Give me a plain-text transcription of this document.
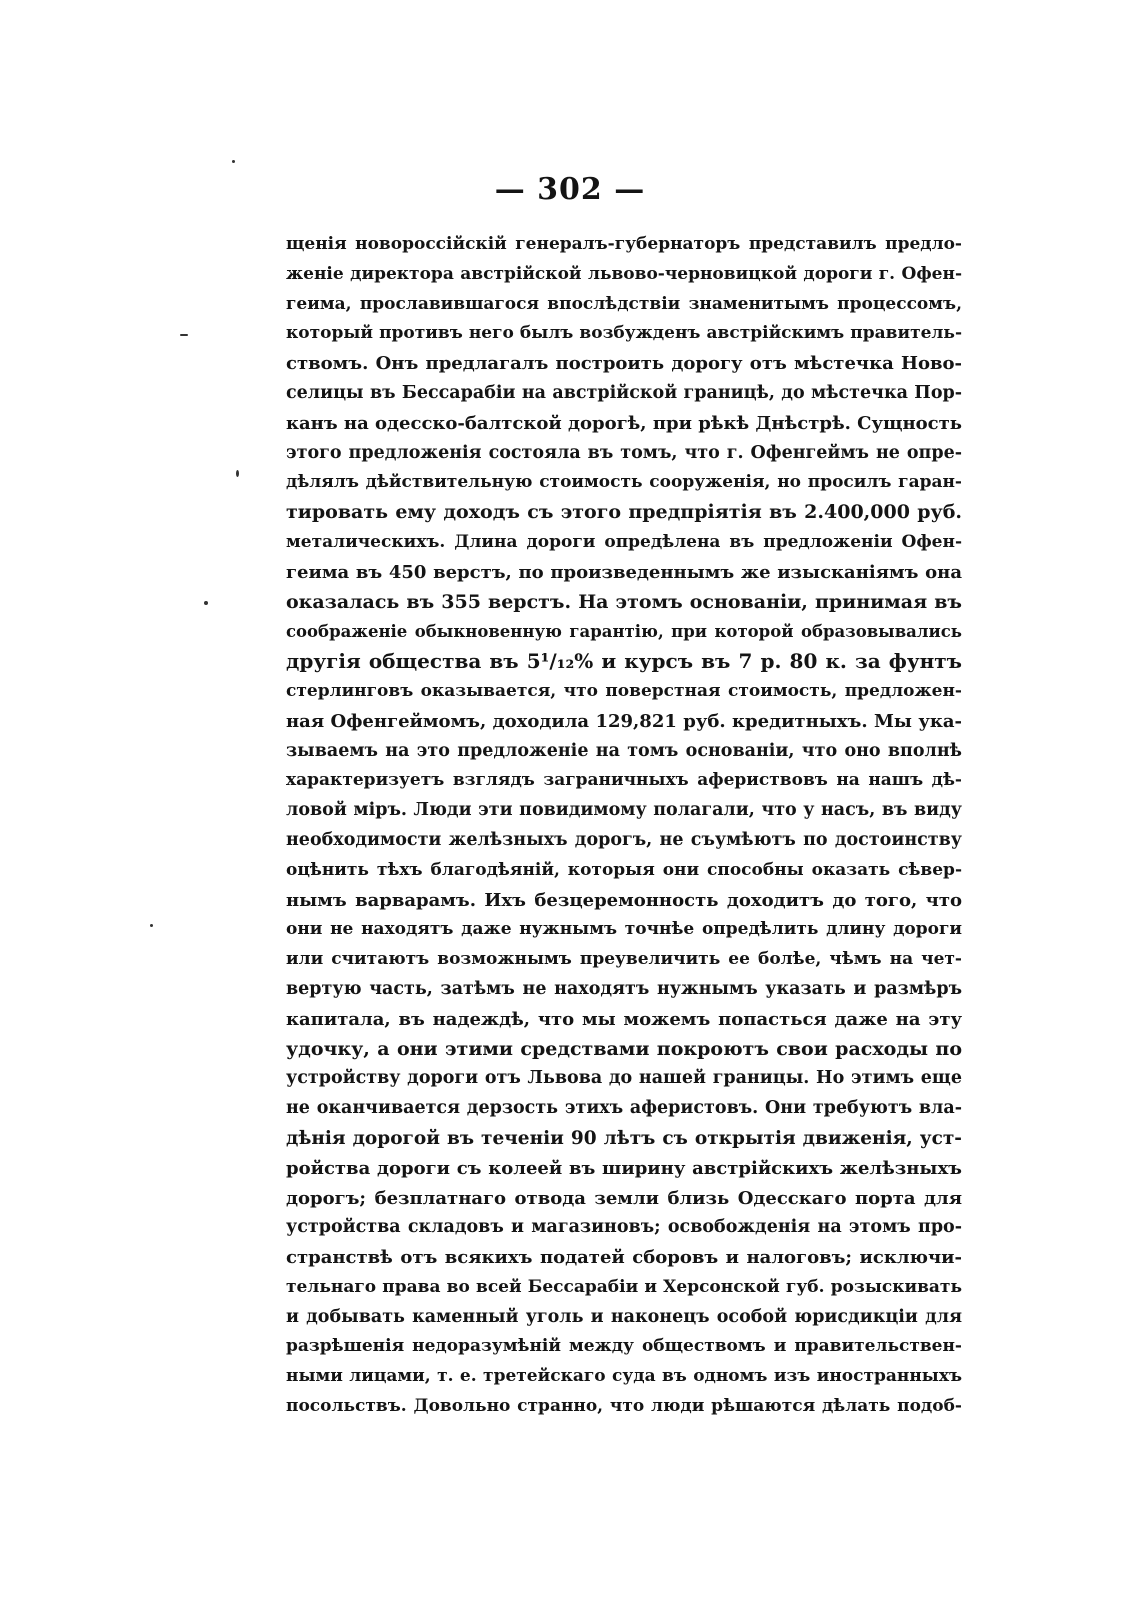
— 302 —
щенія новороссійскій генералъ-губернаторъ представилъ предло-
женіе директора австрійской львово-черновицкой дороги г. Офен-
геима, прославившагося впослѣдствіи знаменитымъ процессомъ,
который противъ него былъ возбужденъ австрійскимъ правитель-
ствомъ. Онъ предлагалъ построить дорогу отъ мѣстечка Ново-
селицы въ Бессарабіи на австрійской границѣ, до мѣстечка Пор-
канъ на одесско-балтской дорогѣ, при рѣкѣ Днѣстрѣ. Сущность
этого предложенія состояла въ томъ, что г. Офенгеймъ не опре-
дѣлялъ дѣйствительную стоимость сооруженія, но просилъ гаран-
тировать ему доходъ съ этого предпріятія въ 2.400,000 руб.
металическихъ. Длина дороги опредѣлена въ предложеніи Офен-
геима въ 450 верстъ, по произведеннымъ же изысканіямъ она
оказалась въ 355 верстъ. На этомъ основаніи, принимая въ
соображеніе обыкновенную гарантію, при которой образовывались
другія общества въ 5¹/₁₂% и курсъ въ 7 р. 80 к. за фунтъ
стерлинговъ оказывается, что поверстная стоимость, предложен-
ная Офенгеймомъ, доходила 129,821 руб. кредитныхъ. Мы ука-
зываемъ на это предложеніе на томъ основаніи, что оно вполнѣ
характеризуетъ взглядъ заграничныхъ афериствовъ на нашъ дѣ-
ловой міръ. Люди эти повидимому полагали, что у насъ, въ виду
необходимости желѣзныхъ дорогъ, не съумѣютъ по достоинству
оцѣнить тѣхъ благодѣяній, которыя они способны оказать сѣвер-
нымъ варварамъ. Ихъ безцеремонность доходитъ до того, что
они не находятъ даже нужнымъ точнѣе опредѣлить длину дороги
или считаютъ возможнымъ преувеличить ее болѣе, чѣмъ на чет-
вертую часть, затѣмъ не находятъ нужнымъ указать и размѣръ
капитала, въ надеждѣ, что мы можемъ попасться даже на эту
удочку, а они этими средствами покроютъ свои расходы по
устройству дороги отъ Львова до нашей границы. Но этимъ еще
не оканчивается дерзость этихъ аферистовъ. Они требуютъ вла-
дѣнія дорогой въ теченіи 90 лѣтъ съ открытія движенія, уст-
ройства дороги съ колеей въ ширину австрійскихъ желѣзныхъ
дорогъ; безплатнаго отвода земли близь Одесскаго порта для
устройства складовъ и магазиновъ; освобожденія на этомъ про-
странствѣ отъ всякихъ податей сборовъ и налоговъ; исключи-
тельнаго права во всей Бессарабіи и Херсонской губ. розыскивать
и добывать каменный уголь и наконецъ особой юрисдикціи для
разрѣшенія недоразумѣній между обществомъ и правительствен-
ными лицами, т. е. третейскаго суда въ одномъ изъ иностранныхъ
посольствъ. Довольно странно, что люди рѣшаются дѣлать подоб-
